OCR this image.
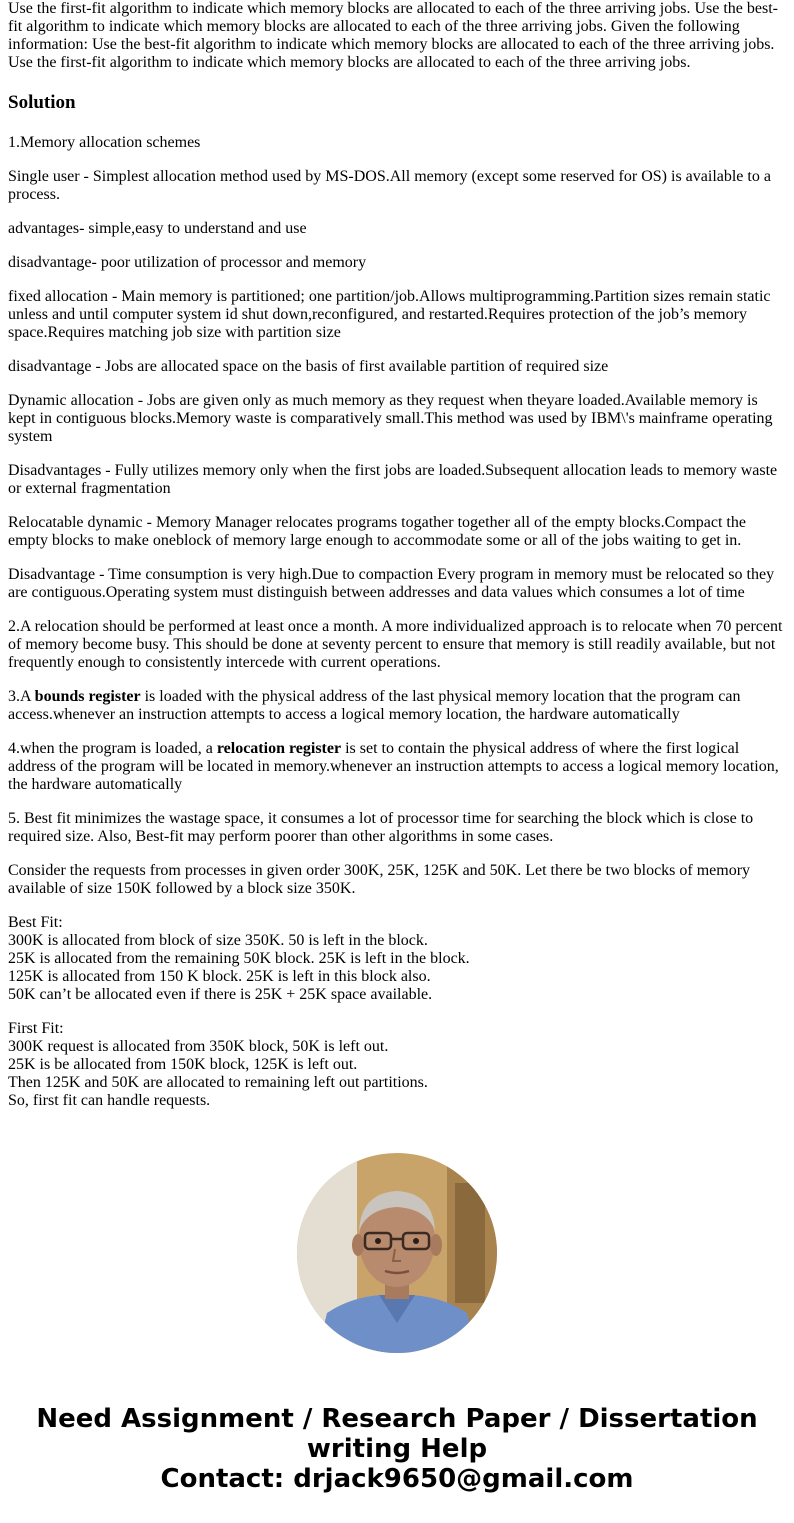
Use the first-fit algorithm to indicate which memory blocks are allocated to each of the three arriving jobs. Use the best-fit algorithm to indicate which memory blocks are allocated to each of the three arriving jobs. Given the following information: Use the best-fit algorithm to indicate which memory blocks are allocated to each of the three arriving jobs. Use the first-fit algorithm to indicate which memory blocks are allocated to each of the three arriving jobs.

Solution

1.Memory allocation schemes

Single user - Simplest allocation method used by MS-DOS.All memory (except some reserved for OS) is available to a process.

advantages- simple,easy to understand and use

disadvantage- poor utilization of processor and memory

fixed allocation - Main memory is partitioned; one partition/job.Allows multiprogramming.Partition sizes remain static unless and until computer system id shut down,reconfigured, and restarted.Requires protection of the job’s memory space.Requires matching job size with partition size

disadvantage - Jobs are allocated space on the basis of first available partition of required size

Dynamic allocation - Jobs are given only as much memory as they request when theyare loaded.Available memory is kept in contiguous blocks.Memory waste is comparatively small.This method was used by IBM\'s mainframe operating system

Disadvantages - Fully utilizes memory only when the first jobs are loaded.Subsequent allocation leads to memory waste or external fragmentation

Relocatable dynamic - Memory Manager relocates programs togather together all of the empty blocks.Compact the empty blocks to make oneblock of memory large enough to accommodate some or all of the jobs waiting to get in.

Disadvantage - Time consumption is very high.Due to compaction Every program in memory must be relocated so they are contiguous.Operating system must distinguish between addresses and data values which consumes a lot of time

2.A relocation should be performed at least once a month. A more individualized approach is to relocate when 70 percent of memory become busy. This should be done at seventy percent to ensure that memory is still readily available, but not frequently enough to consistently intercede with current operations.

3.A bounds register is loaded with the physical address of the last physical memory location that the program can access.whenever an instruction attempts to access a logical memory location, the hardware automatically

4.when the program is loaded, a relocation register is set to contain the physical address of where the first logical address of the program will be located in memory.whenever an instruction attempts to access a logical memory location, the hardware automatically

5. Best fit minimizes the wastage space, it consumes a lot of processor time for searching the block which is close to required size. Also, Best-fit may perform poorer than other algorithms in some cases.

Consider the requests from processes in given order 300K, 25K, 125K and 50K. Let there be two blocks of memory available of size 150K followed by a block size 350K.

Best Fit:
300K is allocated from block of size 350K. 50 is left in the block.
25K is allocated from the remaining 50K block. 25K is left in the block.
125K is allocated from 150 K block. 25K is left in this block also.
50K can’t be allocated even if there is 25K + 25K space available.

First Fit:
300K request is allocated from 350K block, 50K is left out.
25K is be allocated from 150K block, 125K is left out.
Then 125K and 50K are allocated to remaining left out partitions.
So, first fit can handle requests.

Need Assignment / Research Paper / Dissertation
writing Help
Contact: drjack9650@gmail.com
